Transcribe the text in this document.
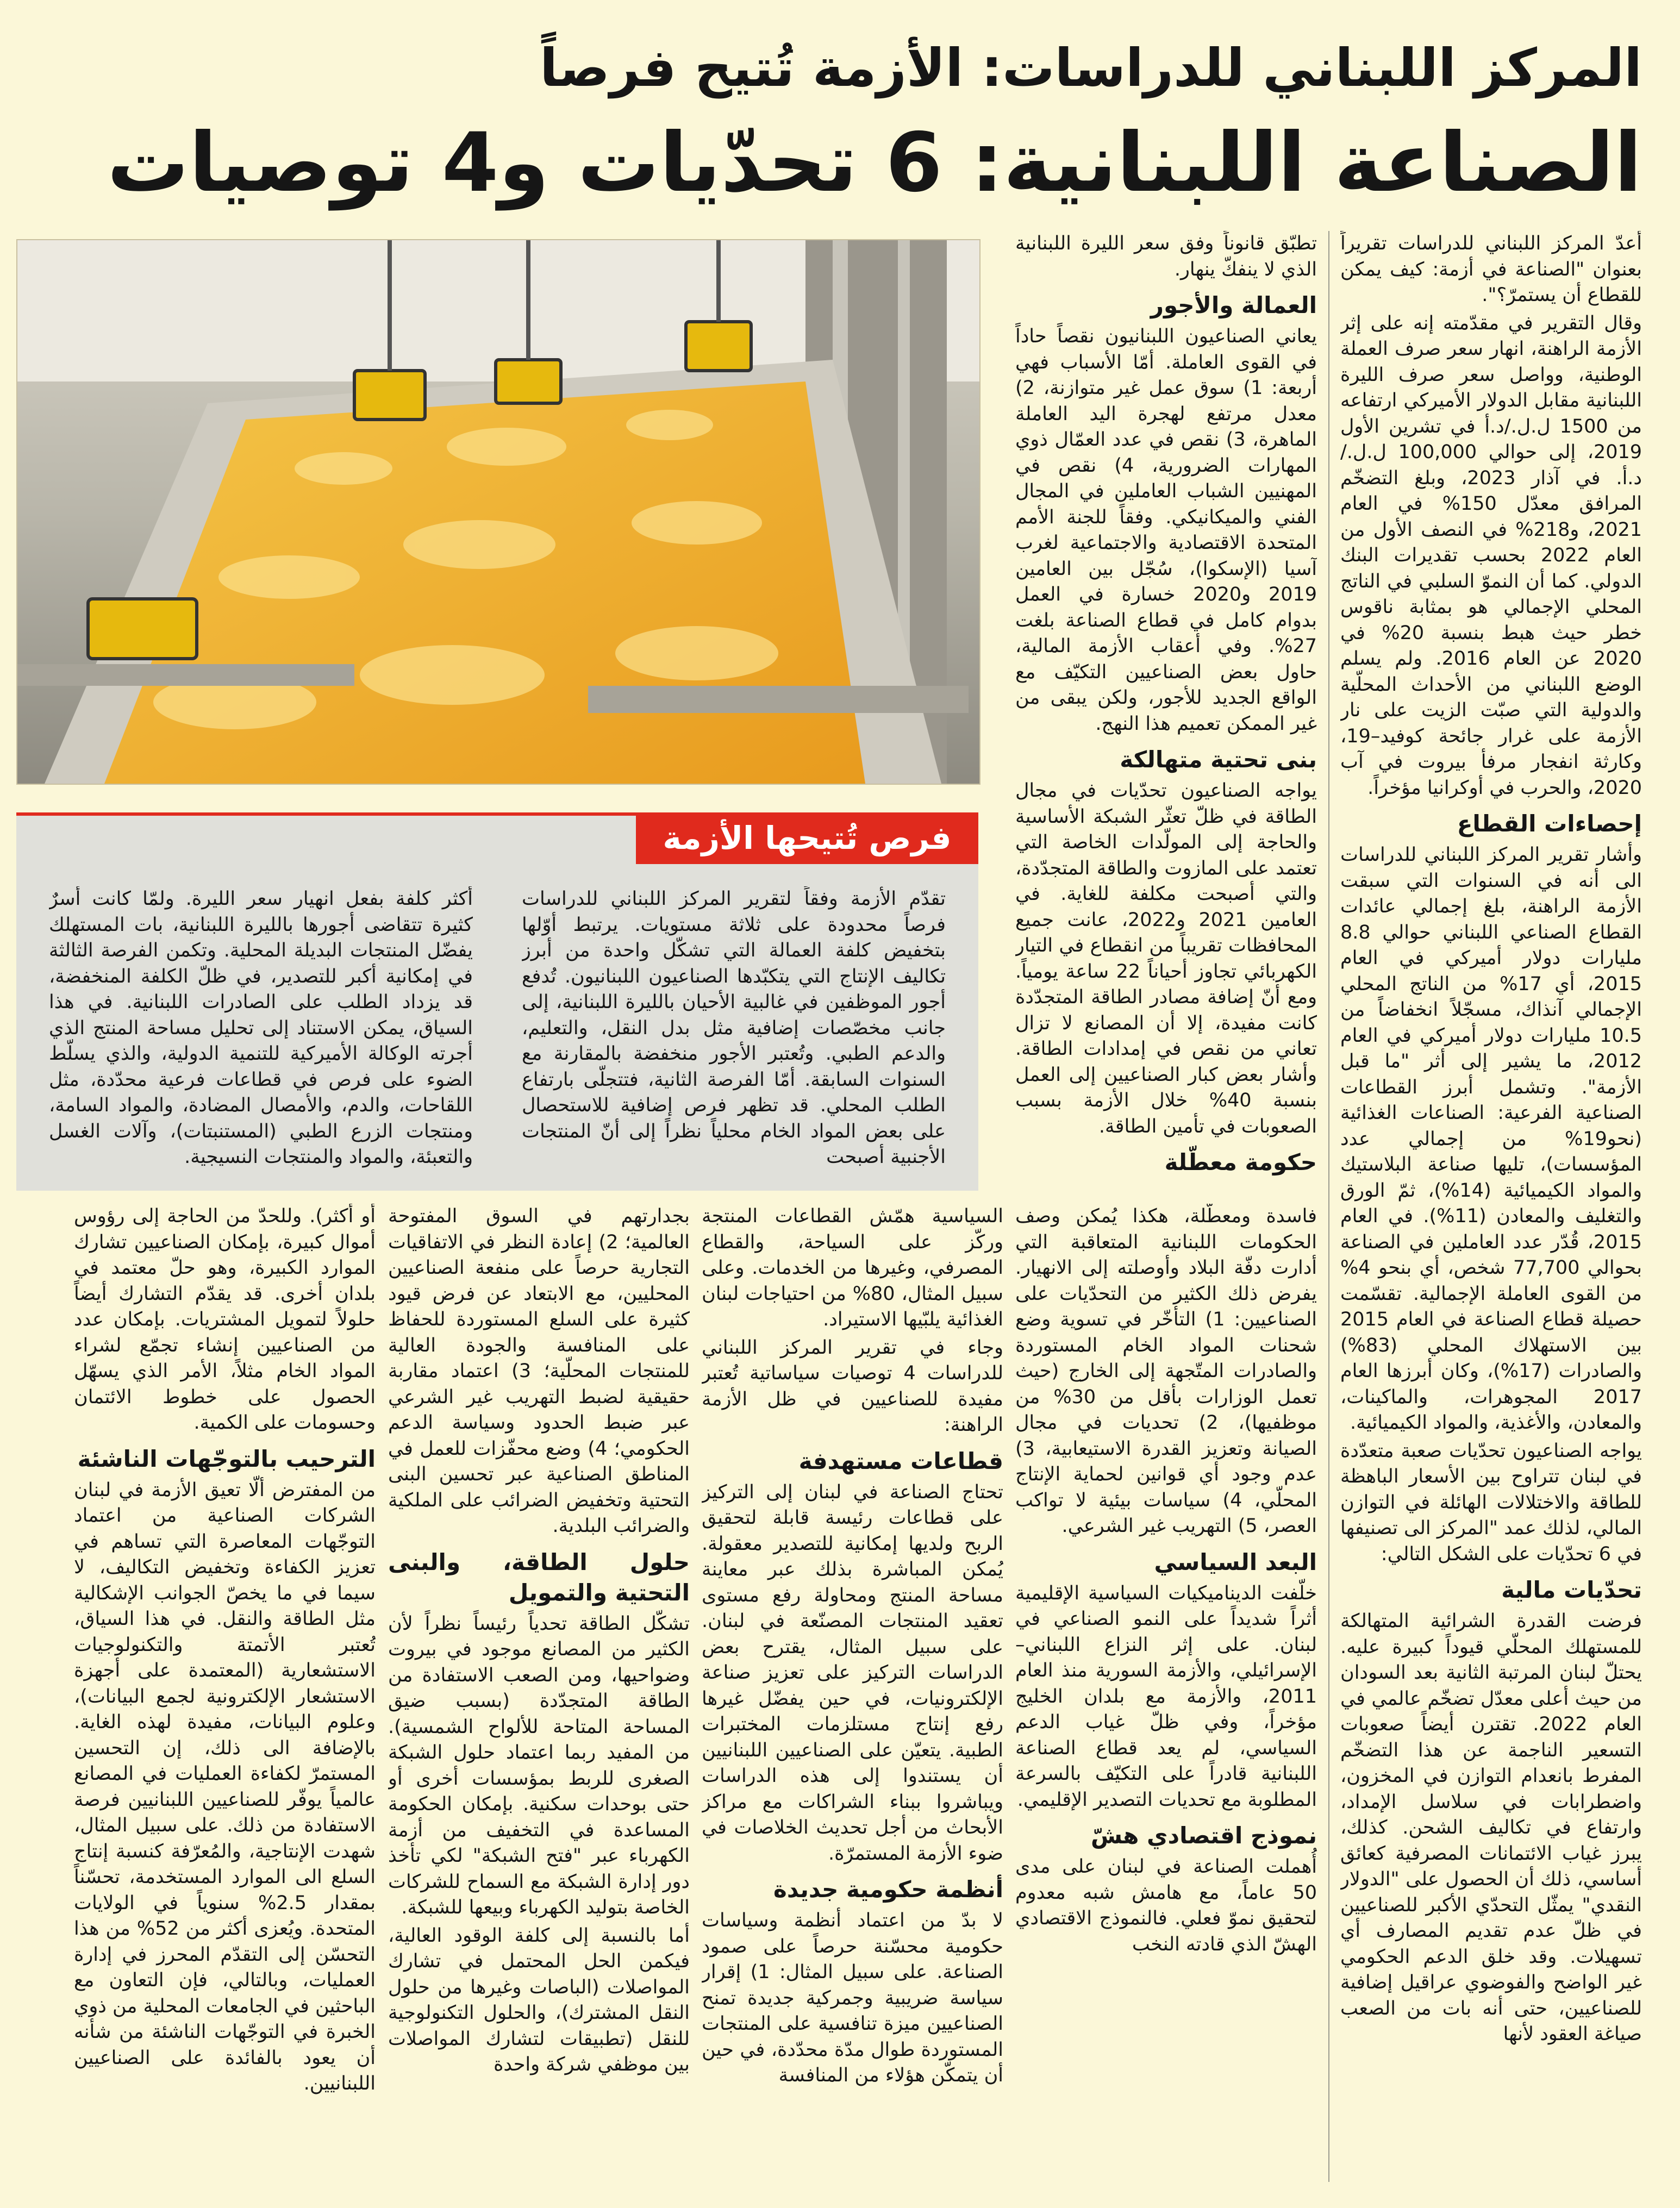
المركز اللبناني للدراسات: الأزمة تُتيح فرصاً
الصناعة اللبنانية: 6 تحدّيات و4 توصيات
أعدّ المركز اللبناني للدراسات تقريراً بعنوان "الصناعة في أزمة: كيف يمكن للقطاع أن يستمرّ؟".
وقال التقرير في مقدّمته إنه على إثر الأزمة الراهنة، انهار سعر صرف العملة الوطنية، وواصل سعر صرف الليرة اللبنانية مقابل الدولار الأميركي ارتفاعه من 1500 ل.ل./د.أ في تشرين الأول 2019، إلى حوالي 100,000 ل.ل./د.أ. في آذار 2023، وبلغ التضخّم المرافق معدّل 150% في العام 2021، و218% في النصف الأول من العام 2022 بحسب تقديرات البنك الدولي. كما أن النموّ السلبي في الناتج المحلي الإجمالي هو بمثابة ناقوس خطر حيث هبط بنسبة 20% في 2020 عن العام 2016. ولم يسلم الوضع اللبناني من الأحداث المحلّية والدولية التي صبّت الزيت على نار الأزمة على غرار جائحة كوفيد–19، وكارثة انفجار مرفأ بيروت في آب 2020، والحرب في أوكرانيا مؤخراً.
إحصاءات القطاع
وأشار تقرير المركز اللبناني للدراسات الى أنه في السنوات التي سبقت الأزمة الراهنة، بلغ إجمالي عائدات القطاع الصناعي اللبناني حوالي 8.8 مليارات دولار أميركي في العام 2015، أي 17% من الناتج المحلي الإجمالي آنذاك، مسجّلاً انخفاضاً من 10.5 مليارات دولار أميركي في العام 2012، ما يشير إلى أثر "ما قبل الأزمة". وتشمل أبرز القطاعات الصناعية الفرعية: الصناعات الغذائية (نحو19% من إجمالي عدد المؤسسات)، تليها صناعة البلاستيك والمواد الكيميائية (14%)، ثمّ الورق والتغليف والمعادن (11%). في العام 2015، قُدّر عدد العاملين في الصناعة بحوالي 77,700 شخص، أي بنحو 4% من القوى العاملة الإجمالية. تقسّمت حصيلة قطاع الصناعة في العام 2015 بين الاستهلاك المحلي (83%) والصادرات (17%)، وكان أبرزها العام 2017 المجوهرات، والماكينات، والمعادن، والأغذية، والمواد الكيميائية.
يواجه الصناعيون تحدّيات صعبة متعدّدة في لبنان تتراوح بين الأسعار الباهظة للطاقة والاختلالات الهائلة في التوازن المالي، لذلك عمد "المركز الى تصنيفها في 6 تحدّيات على الشكل التالي:
تحدّيات مالية
فرضت القدرة الشرائية المتهالكة للمستهلك المحلّي قيوداً كبيرة عليه. يحتلّ لبنان المرتبة الثانية بعد السودان من حيث أعلى معدّل تضخّم عالمي في العام 2022. تقترن أيضاً صعوبات التسعير الناجمة عن هذا التضخّم المفرط بانعدام التوازن في المخزون، واضطرابات في سلاسل الإمداد، وارتفاع في تكاليف الشحن. كذلك، يبرز غياب الائتمانات المصرفية كعائق أساسي، ذلك أن الحصول على "الدولار النقدي" يمثّل التحدّي الأكبر للصناعيين في ظلّ عدم تقديم المصارف أي تسهيلات. وقد خلق الدعم الحكومي غير الواضح والفوضوي عراقيل إضافية للصناعيين، حتى أنه بات من الصعب صياغة العقود لأنها
تطبّق قانوناً وفق سعر الليرة اللبنانية الذي لا ينفكّ ينهار.
العمالة والأجور
يعاني الصناعيون اللبنانيون نقصاً حاداً في القوى العاملة. أمّا الأسباب فهي أربعة: 1) سوق عمل غير متوازنة، 2) معدل مرتفع لهجرة اليد العاملة الماهرة، 3) نقص في عدد العمّال ذوي المهارات الضرورية، 4) نقص في المهنيين الشباب العاملين في المجال الفني والميكانيكي. وفقاً للجنة الأمم المتحدة الاقتصادية والاجتماعية لغرب آسيا (الإسكوا)، سُجّل بين العامين 2019 و2020 خسارة في العمل بدوام كامل في قطاع الصناعة بلغت 27%. وفي أعقاب الأزمة المالية، حاول بعض الصناعيين التكيّف مع الواقع الجديد للأجور، ولكن يبقى من غير الممكن تعميم هذا النهج.
بنى تحتية متهالكة
يواجه الصناعيون تحدّيات في مجال الطاقة في ظلّ تعثّر الشبكة الأساسية والحاجة إلى المولّدات الخاصة التي تعتمد على المازوت والطاقة المتجدّدة، والتي أصبحت مكلفة للغاية. في العامين 2021 و2022، عانت جميع المحافظات تقريباً من انقطاع في التيار الكهربائي تجاوز أحياناً 22 ساعة يومياً. ومع أنّ إضافة مصادر الطاقة المتجدّدة كانت مفيدة، إلا أن المصانع لا تزال تعاني من نقص في إمدادات الطاقة. وأشار بعض كبار الصناعيين إلى العمل بنسبة 40% خلال الأزمة بسبب الصعوبات في تأمين الطاقة.
حكومة معطّلة
فاسدة ومعطّلة، هكذا يُمكن وصف الحكومات اللبنانية المتعاقبة التي أدارت دفّة البلاد وأوصلته إلى الانهيار. يفرض ذلك الكثير من التحدّيات على الصناعيين: 1) التأخّر في تسوية وضع شحنات المواد الخام المستوردة والصادرات المتّجهة إلى الخارج (حيث تعمل الوزارات بأقل من 30% من موظفيها)، 2) تحديات في مجال الصيانة وتعزيز القدرة الاستيعابية، 3) عدم وجود أي قوانين لحماية الإنتاج المحلّي، 4) سياسات بيئية لا تواكب العصر، 5) التهريب غير الشرعي.
البعد السياسي
خلّفت الديناميكيات السياسية الإقليمية أثراً شديداً على النمو الصناعي في لبنان. على إثر النزاع اللبناني–الإسرائيلي، والأزمة السورية منذ العام 2011، والأزمة مع بلدان الخليج مؤخراً، وفي ظلّ غياب الدعم السياسي، لم يعد قطاع الصناعة اللبنانية قادراً على التكيّف بالسرعة المطلوبة مع تحديات التصدير الإقليمي.
نموذج اقتصادي هشّ
أُهملت الصناعة في لبنان على مدى 50 عاماً، مع هامش شبه معدوم لتحقيق نموّ فعلي. فالنموذج الاقتصادي الهشّ الذي قادته النخب
فرص تُتيحها الأزمة
تقدّم الأزمة وفقاً لتقرير المركز اللبناني للدراسات فرصاً محدودة على ثلاثة مستويات. يرتبط أوّلها بتخفيض كلفة العمالة التي تشكّل واحدة من أبرز تكاليف الإنتاج التي يتكبّدها الصناعيون اللبنانيون. تُدفع أجور الموظفين في غالبية الأحيان بالليرة اللبنانية، إلى جانب مخصّصات إضافية مثل بدل النقل، والتعليم، والدعم الطبي. وتُعتبر الأجور منخفضة بالمقارنة مع السنوات السابقة. أمّا الفرصة الثانية، فتتجلّى بارتفاع الطلب المحلي. قد تظهر فرص إضافية للاستحصال على بعض المواد الخام محلياً نظراً إلى أنّ المنتجات الأجنبية أصبحت
أكثر كلفة بفعل انهيار سعر الليرة. ولمّا كانت أسرٌ كثيرة تتقاضى أجورها بالليرة اللبنانية، بات المستهلك يفضّل المنتجات البديلة المحلية. وتكمن الفرصة الثالثة في إمكانية أكبر للتصدير، في ظلّ الكلفة المنخفضة، قد يزداد الطلب على الصادرات اللبنانية. في هذا السياق، يمكن الاستناد إلى تحليل مساحة المنتج الذي أجرته الوكالة الأميركية للتنمية الدولية، والذي يسلّط الضوء على فرص في قطاعات فرعية محدّدة، مثل اللقاحات، والدم، والأمصال المضادة، والمواد السامة، ومنتجات الزرع الطبي (المستنبتات)، وآلات الغسل والتعبئة، والمواد والمنتجات النسيجية.
السياسية همّش القطاعات المنتجة وركّز على السياحة، والقطاع المصرفي، وغيرها من الخدمات. وعلى سبيل المثال، 80% من احتياجات لبنان الغذائية يلبّيها الاستيراد.
وجاء في تقرير المركز اللبناني للدراسات 4 توصيات سياساتية تُعتبر مفيدة للصناعيين في ظل الأزمة الراهنة:
قطاعات مستهدفة
تحتاج الصناعة في لبنان إلى التركيز على قطاعات رئيسة قابلة لتحقيق الربح ولديها إمكانية للتصدير معقولة. يُمكن المباشرة بذلك عبر معاينة مساحة المنتج ومحاولة رفع مستوى تعقيد المنتجات المصنّعة في لبنان. على سبيل المثال، يقترح بعض الدراسات التركيز على تعزيز صناعة الإلكترونيات، في حين يفضّل غيرها رفع إنتاج مستلزمات المختبرات الطبية. يتعيّن على الصناعيين اللبنانيين أن يستندوا إلى هذه الدراسات ويباشروا ببناء الشراكات مع مراكز الأبحاث من أجل تحديث الخلاصات في ضوء الأزمة المستمرّة.
أنظمة حكومية جديدة
لا بدّ من اعتماد أنظمة وسياسات حكومية محسّنة حرصاً على صمود الصناعة. على سبيل المثال: 1) إقرار سياسة ضريبية وجمركية جديدة تمنح الصناعيين ميزة تنافسية على المنتجات المستوردة طوال مدّة محدّدة، في حين أن يتمكّن هؤلاء من المنافسة
بجدارتهم في السوق المفتوحة العالمية؛ 2) إعادة النظر في الاتفاقيات التجارية حرصاً على منفعة الصناعيين المحليين، مع الابتعاد عن فرض قيود كثيرة على السلع المستوردة للحفاظ على المنافسة والجودة العالية للمنتجات المحلّية؛ 3) اعتماد مقاربة حقيقية لضبط التهريب غير الشرعي عبر ضبط الحدود وسياسة الدعم الحكومي؛ 4) وضع محفّزات للعمل في المناطق الصناعية عبر تحسين البنى التحتية وتخفيض الضرائب على الملكية والضرائب البلدية.
حلول الطاقة، والبنى التحتية والتمويل
تشكّل الطاقة تحدياً رئيساً نظراً لأن الكثير من المصانع موجود في بيروت وضواحيها، ومن الصعب الاستفادة من الطاقة المتجدّدة (بسبب ضيق المساحة المتاحة للألواح الشمسية). من المفيد ربما اعتماد حلول الشبكة الصغرى للربط بمؤسسات أخرى أو حتى بوحدات سكنية. بإمكان الحكومة المساعدة في التخفيف من أزمة الكهرباء عبر "فتح الشبكة" لكي تأخذ دور إدارة الشبكة مع السماح للشركات الخاصة بتوليد الكهرباء وبيعها للشبكة.
أما بالنسبة إلى كلفة الوقود العالية، فيكمن الحل المحتمل في تشارك المواصلات (الباصات وغيرها من حلول النقل المشترك)، والحلول التكنولوجية للنقل (تطبيقات لتشارك المواصلات بين موظفي شركة واحدة
أو أكثر). وللحدّ من الحاجة إلى رؤوس أموال كبيرة، بإمكان الصناعيين تشارك الموارد الكبيرة، وهو حلّ معتمد في بلدان أخرى. قد يقدّم التشارك أيضاً حلولاً لتمويل المشتريات. بإمكان عدد من الصناعيين إنشاء تجمّع لشراء المواد الخام مثلاً، الأمر الذي يسهّل الحصول على خطوط الائتمان وحسومات على الكمية.
الترحيب بالتوجّهات الناشئة
من المفترض ألّا تعيق الأزمة في لبنان الشركات الصناعية من اعتماد التوجّهات المعاصرة التي تساهم في تعزيز الكفاءة وتخفيض التكاليف، لا سيما في ما يخصّ الجوانب الإشكالية مثل الطاقة والنقل. في هذا السياق، تُعتبر الأتمتة والتكنولوجيات الاستشعارية (المعتمدة على أجهزة الاستشعار الإلكترونية لجمع البيانات)، وعلوم البيانات، مفيدة لهذه الغاية. بالإضافة الى ذلك، إن التحسين المستمرّ لكفاءة العمليات في المصانع عالمياً يوفّر للصناعيين اللبنانيين فرصة الاستفادة من ذلك. على سبيل المثال، شهدت الإنتاجية، والمُعرّفة كنسبة إنتاج السلع الى الموارد المستخدمة، تحسّناً بمقدار 2.5% سنوياً في الولايات المتحدة. ويُعزى أكثر من 52% من هذا التحسّن إلى التقدّم المحرز في إدارة العمليات، وبالتالي، فإن التعاون مع الباحثين في الجامعات المحلية من ذوي الخبرة في التوجّهات الناشئة من شأنه أن يعود بالفائدة على الصناعيين اللبنانيين.
